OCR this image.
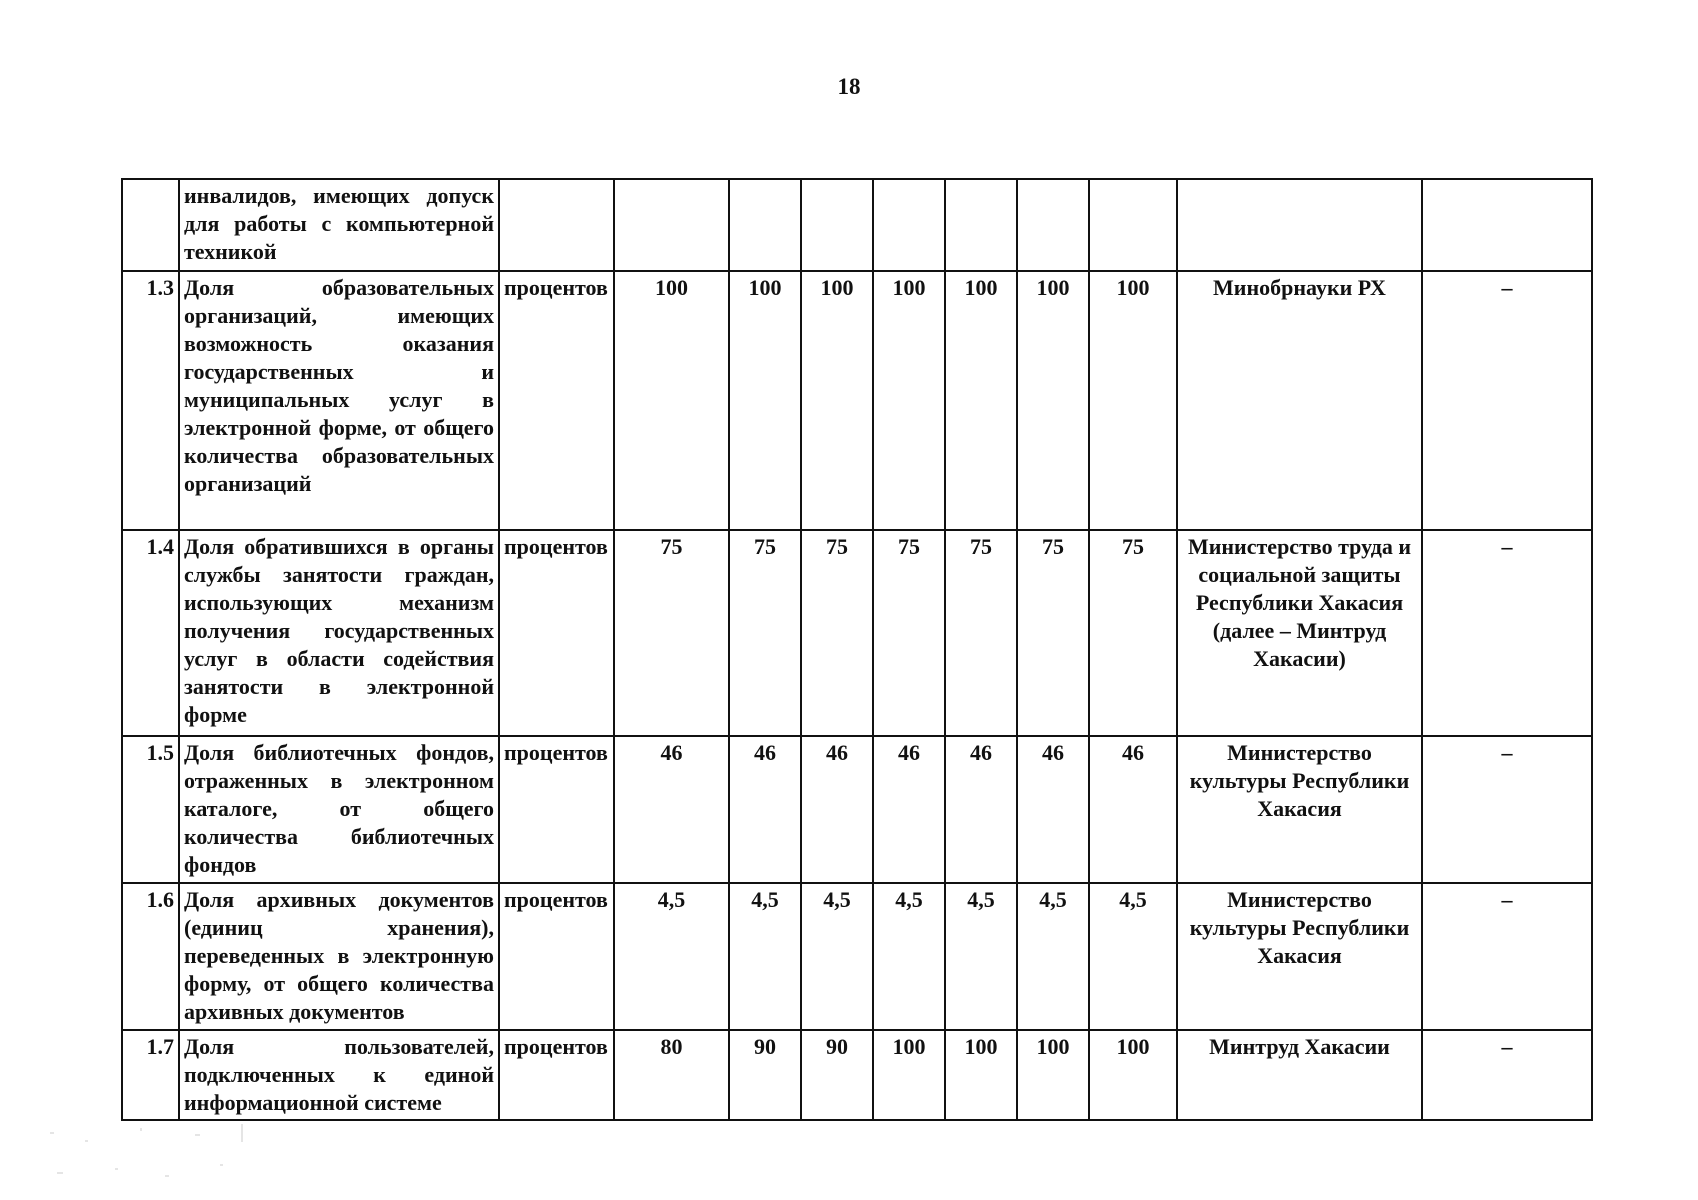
18
	инвалидов, имеющих допуск для работы с компьютерной техникой										
1.3	Доля образовательных организаций, имеющих возможность оказания государственных и муниципальных услуг в электронной форме, от общего количества образовательных организаций	процентов	100	100	100	100	100	100	100	Минобрнауки РХ	–
1.4	Доля обратившихся в органы службы занятости граждан, использующих механизм получения государственных услуг в области содействия занятости в электронной форме	процентов	75	75	75	75	75	75	75	Министерство труда и социальной защиты Республики Хакасия (далее – Минтруд Хакасии)	–
1.5	Доля библиотечных фондов, отраженных в электронном каталоге, от общего количества библиотечных фондов	процентов	46	46	46	46	46	46	46	Министерство культуры Республики Хакасия	–
1.6	Доля архивных документов (единиц хранения), переведенных в электронную форму, от общего количества архивных документов	процентов	4,5	4,5	4,5	4,5	4,5	4,5	4,5	Министерство культуры Республики Хакасия	–
1.7	Доля пользователей, подключенных к единой информационной системе	процентов	80	90	90	100	100	100	100	Минтруд Хакасии	–
